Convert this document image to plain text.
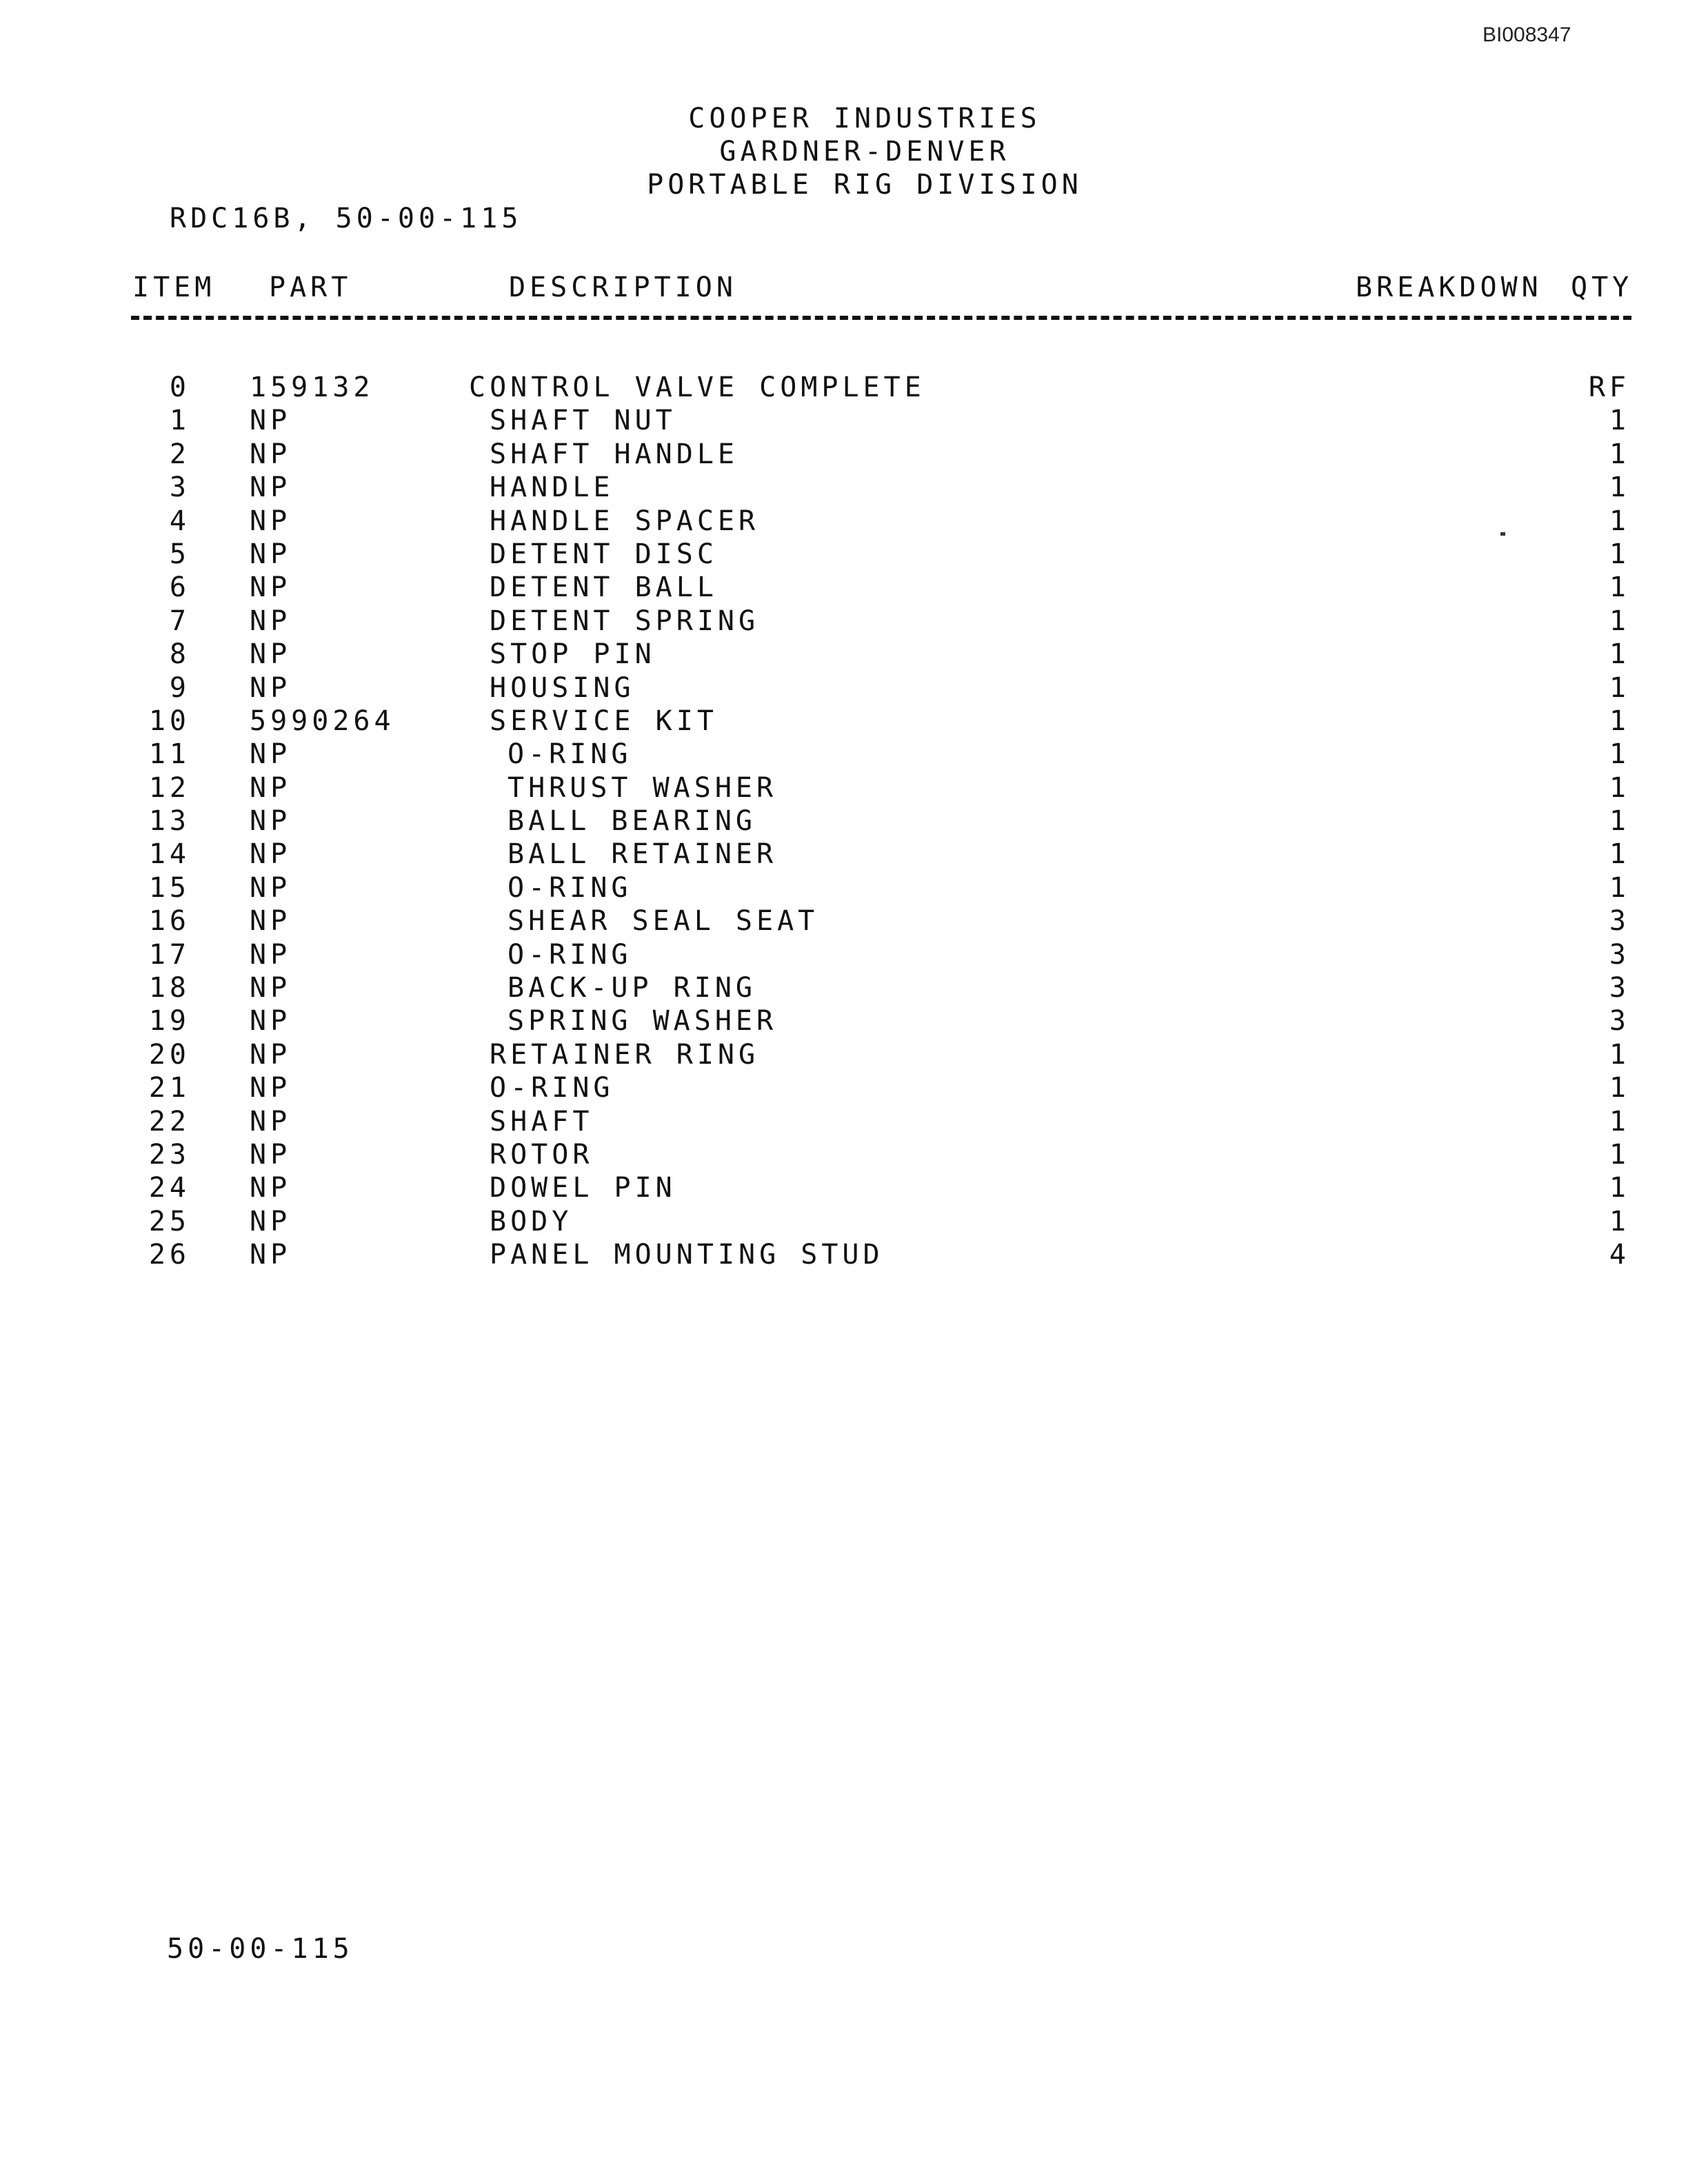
BI008347
COOPER INDUSTRIES
GARDNER-DENVER
PORTABLE RIG DIVISION
RDC16B, 50-00-115
ITEM PART	DESCRIPTION	BREAKDOWN QTY
0 159132	CONTROL VALVE COMPLETE	RF
1 NP	SHAFT NUT	1
2 NP	SHAFT HANDLE	1
3 NP	HANDLE	1
4 NP	HANDLE SPACER	1
5 NP	DETENT DISC	1
6 NP	DETENT BALL	1
7 NP	DETENT SPRING	1
8 NP	STOP PIN	1
9 NP	HOUSING	1
10 5990264	SERVICE KIT	1
11 NP	O-RING	1
12 NP	THRUST WASHER	1
13 NP	BALL BEARING	1
14 NP	BALL RETAINER	1
15 NP	O-RING	1
16 NP	SHEAR SEAL SEAT	3
17 NP	O-RING	3
18 NP	BACK-UP RING	3
19 NP	SPRING WASHER	3
20 NP	RETAINER RING	1
21 NP	O-RING	1
22 NP	SHAFT	1
23 NP	ROTOR	1
24 NP	DOWEL PIN	1
25 NP	BODY	1
26 NP	PANEL MOUNTING STUD	4
50-00-115
